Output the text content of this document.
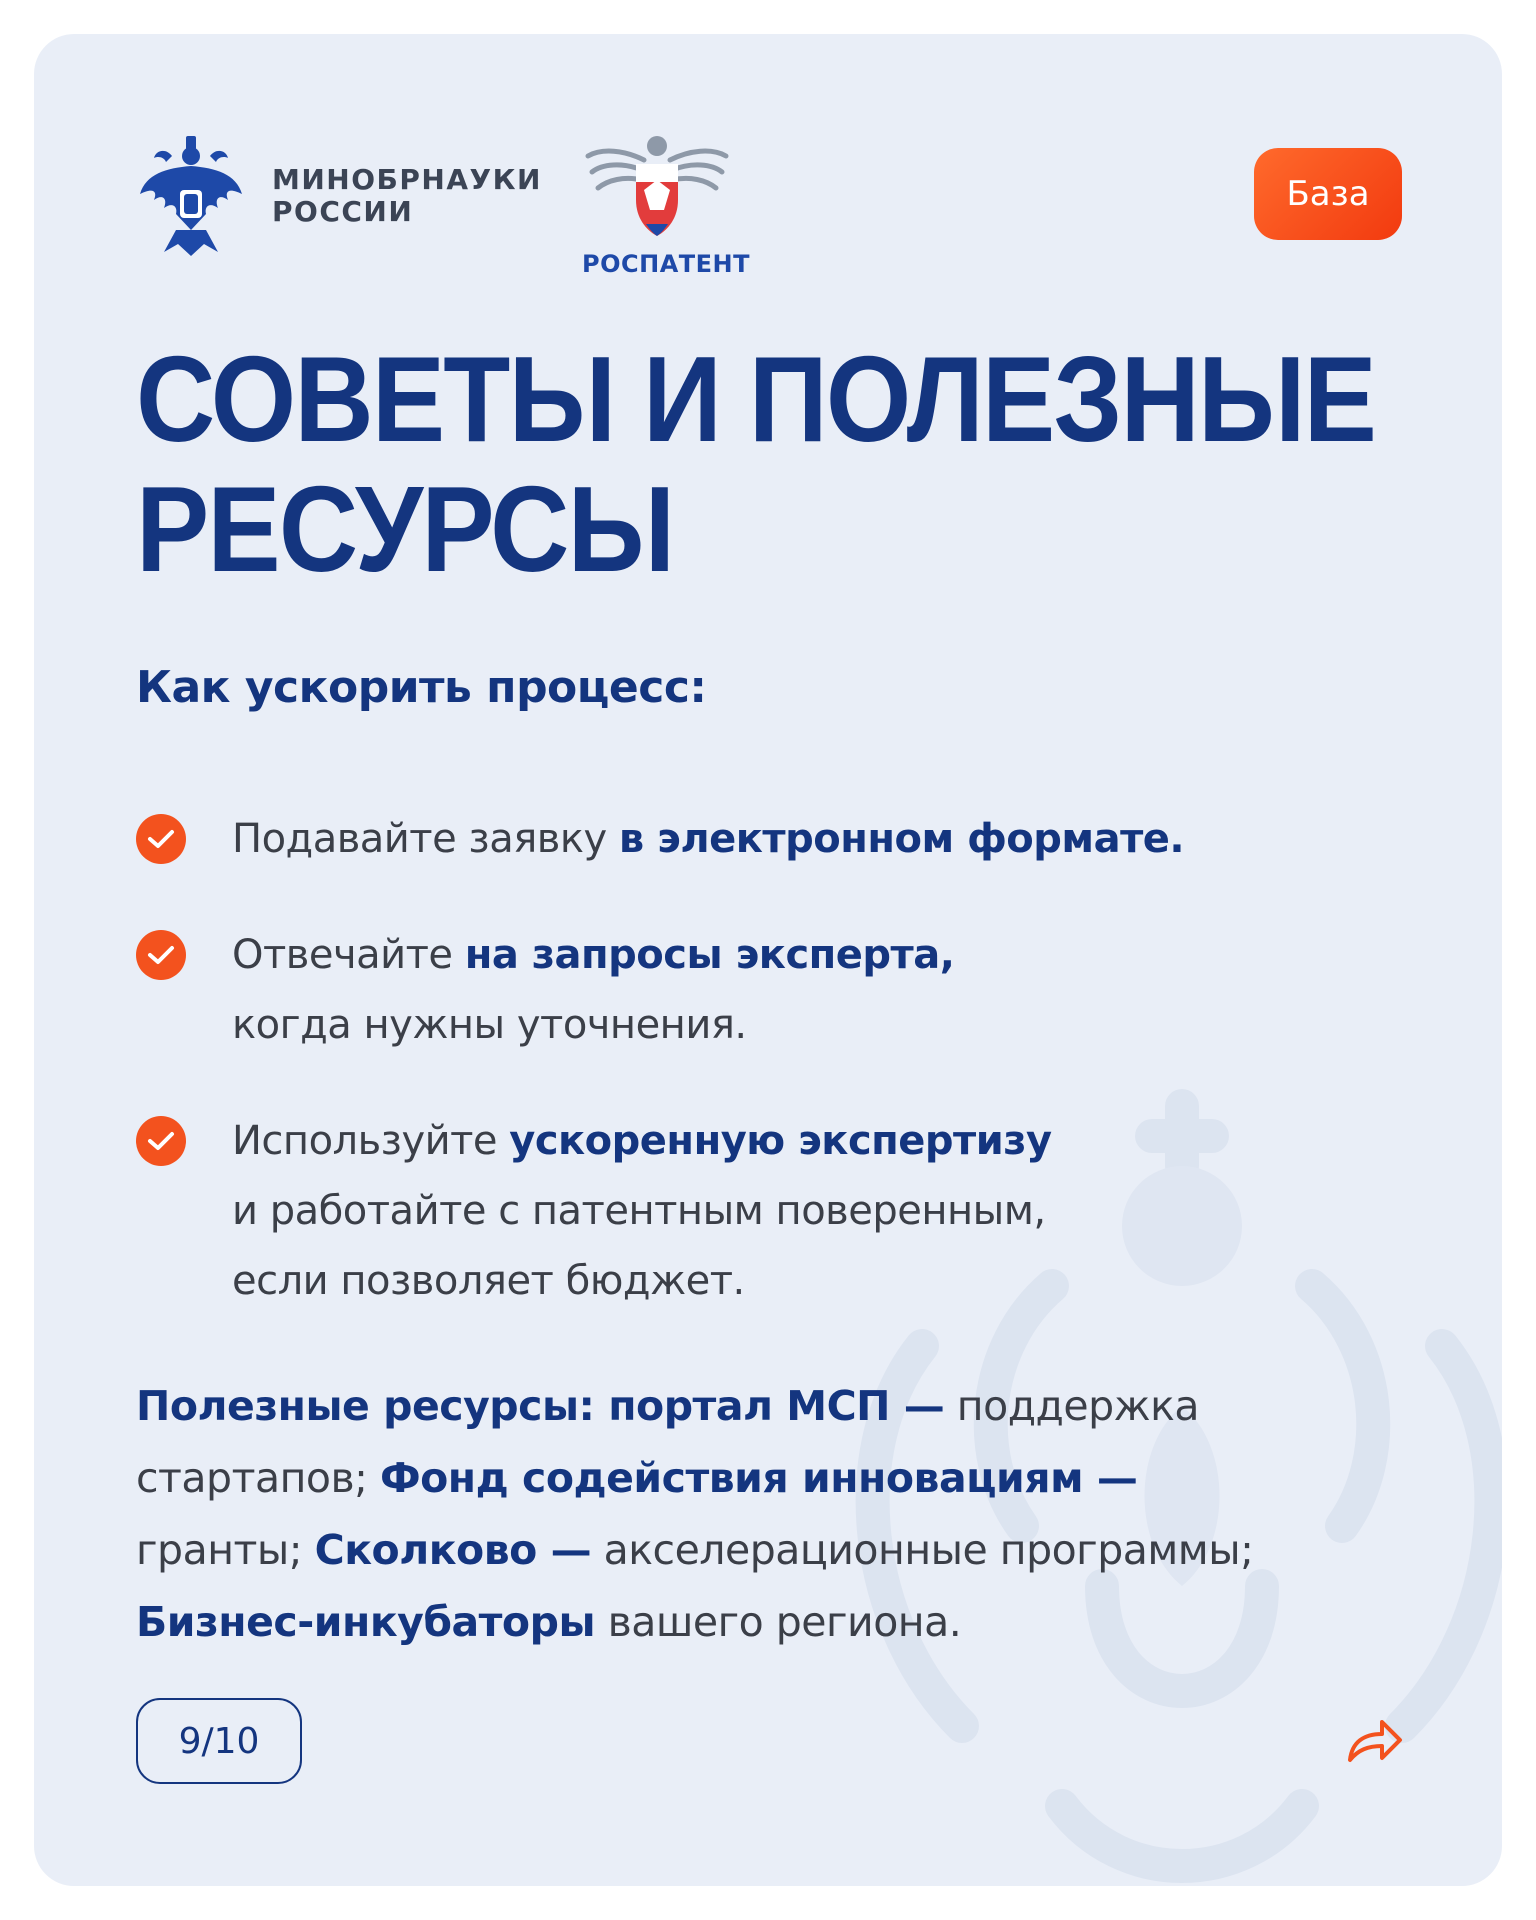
МИНОБРНАУКИ
РОССИИ
РОСПАТЕНТ
База
СОВЕТЫ И ПОЛЕЗНЫЕ
РЕСУРСЫ
Как ускорить процесс:
Подавайте заявку в электронном формате.
Отвечайте на запросы эксперта,
когда нужны уточнения.
Используйте ускоренную экспертизу
и работайте с патентным поверенным,
если позволяет бюджет.

Полезные ресурсы: портал МСП — поддержка
стартапов; Фонд содействия инновациям —
гранты; Сколково — акселерационные программы;
Бизнес-инкубаторы вашего региона.

9/10
